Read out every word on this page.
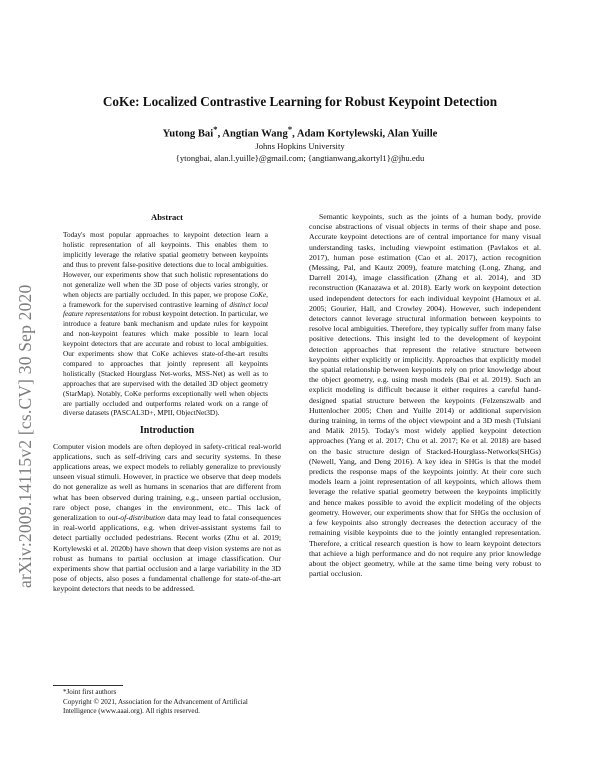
arXiv:2009.14115v2 [cs.CV] 30 Sep 2020
CoKe: Localized Contrastive Learning for Robust Keypoint Detection
Yutong Bai*, Angtian Wang*, Adam Kortylewski, Alan Yuille
Johns Hopkins University
{ytongbai, alan.l.yuille}@gmail.com; {angtianwang,akortyl1}@jhu.edu
Abstract

Today's most popular approaches to keypoint detection learn a holistic representation of all keypoints. This enables them to implicitly leverage the relative spatial geometry between keypoints and thus to prevent false-positive detections due to local ambiguities. However, our experiments show that such holistic representations do not generalize well when the 3D pose of objects varies strongly, or when objects are partially occluded. In this paper, we propose CoKe, a framework for the supervised contrastive learning of distinct local feature representations for robust keypoint detection. In particular, we introduce a feature bank mechanism and update rules for keypoint and non-keypoint features which make possible to learn local keypoint detectors that are accurate and robust to local ambiguities. Our experiments show that CoKe achieves state-of-the-art results compared to approaches that jointly represent all keypoints holistically (Stacked Hourglass Net-works, MSS-Net) as well as to approaches that are supervised with the detailed 3D object geometry (StarMap). Notably, CoKe performs exceptionally well when objects are partially occluded and outperforms related work on a range of diverse datasets (PASCAL3D+, MPII, ObjectNet3D).

Introduction

Computer vision models are often deployed in safety-critical real-world applications, such as self-driving cars and security systems. In these applications areas, we expect models to reliably generalize to previously unseen visual stimuli. However, in practice we observe that deep models do not generalize as well as humans in scenarios that are different from what has been observed during training, e.g., unseen partial occlusion, rare object pose, changes in the environment, etc.. This lack of generalization to out-of-distribution data may lead to fatal consequences in real-world applications, e.g. when driver-assistant systems fail to detect partially occluded pedestrians. Recent works (Zhu et al. 2019; Kortylewski et al. 2020b) have shown that deep vision systems are not as robust as humans to partial occlusion at image classification. Our experiments show that partial occlusion and a large variability in the 3D pose of objects, also poses a fundamental challenge for state-of-the-art keypoint detectors that needs to be addressed.

*Joint first authors
Copyright © 2021, Association for the Advancement of Artificial Intelligence (www.aaai.org). All rights reserved.

Semantic keypoints, such as the joints of a human body, provide concise abstractions of visual objects in terms of their shape and pose. Accurate keypoint detections are of central importance for many visual understanding tasks, including viewpoint estimation (Pavlakos et al. 2017), human pose estimation (Cao et al. 2017), action recognition (Messing, Pal, and Kautz 2009), feature matching (Long, Zhang, and Darrell 2014), image classification (Zhang et al. 2014), and 3D reconstruction (Kanazawa et al. 2018). Early work on keypoint detection used independent detectors for each individual keypoint (Hamoux et al. 2005; Gourier, Hall, and Crowley 2004). However, such independent detectors cannot leverage structural information between keypoints to resolve local ambiguities. Therefore, they typically suffer from many false positive detections. This insight led to the development of keypoint detection approaches that represent the relative structure between keypoints either explicitly or implicitly. Approaches that explicitly model the spatial relationship between keypoints rely on prior knowledge about the object geometry, e.g. using mesh models (Bai et al. 2019). Such an explicit modeling is difficult because it either requires a careful hand-designed spatial structure between the keypoints (Felzenszwalb and Huttenlocher 2005; Chen and Yuille 2014) or additional supervision during training, in terms of the object viewpoint and a 3D mesh (Tulsiani and Malik 2015). Today's most widely applied keypoint detection approaches (Yang et al. 2017; Chu et al. 2017; Ke et al. 2018) are based on the basic structure design of Stacked-Hourglass-Networks(SHGs) (Newell, Yang, and Deng 2016). A key idea in SHGs is that the model predicts the response maps of the keypoints jointly. At their core such models learn a joint representation of all keypoints, which allows them leverage the relative spatial geometry between the keypoints implicitly and hence makes possible to avoid the explicit modeling of the objects geometry. However, our experiments show that for SHGs the occlusion of a few keypoints also strongly decreases the detection accuracy of the remaining visible keypoints due to the jointly entangled representation. Therefore, a critical research question is how to learn keypoint detectors that achieve a high performance and do not require any prior knowledge about the object geometry, while at the same time being very robust to partial occlusion.
